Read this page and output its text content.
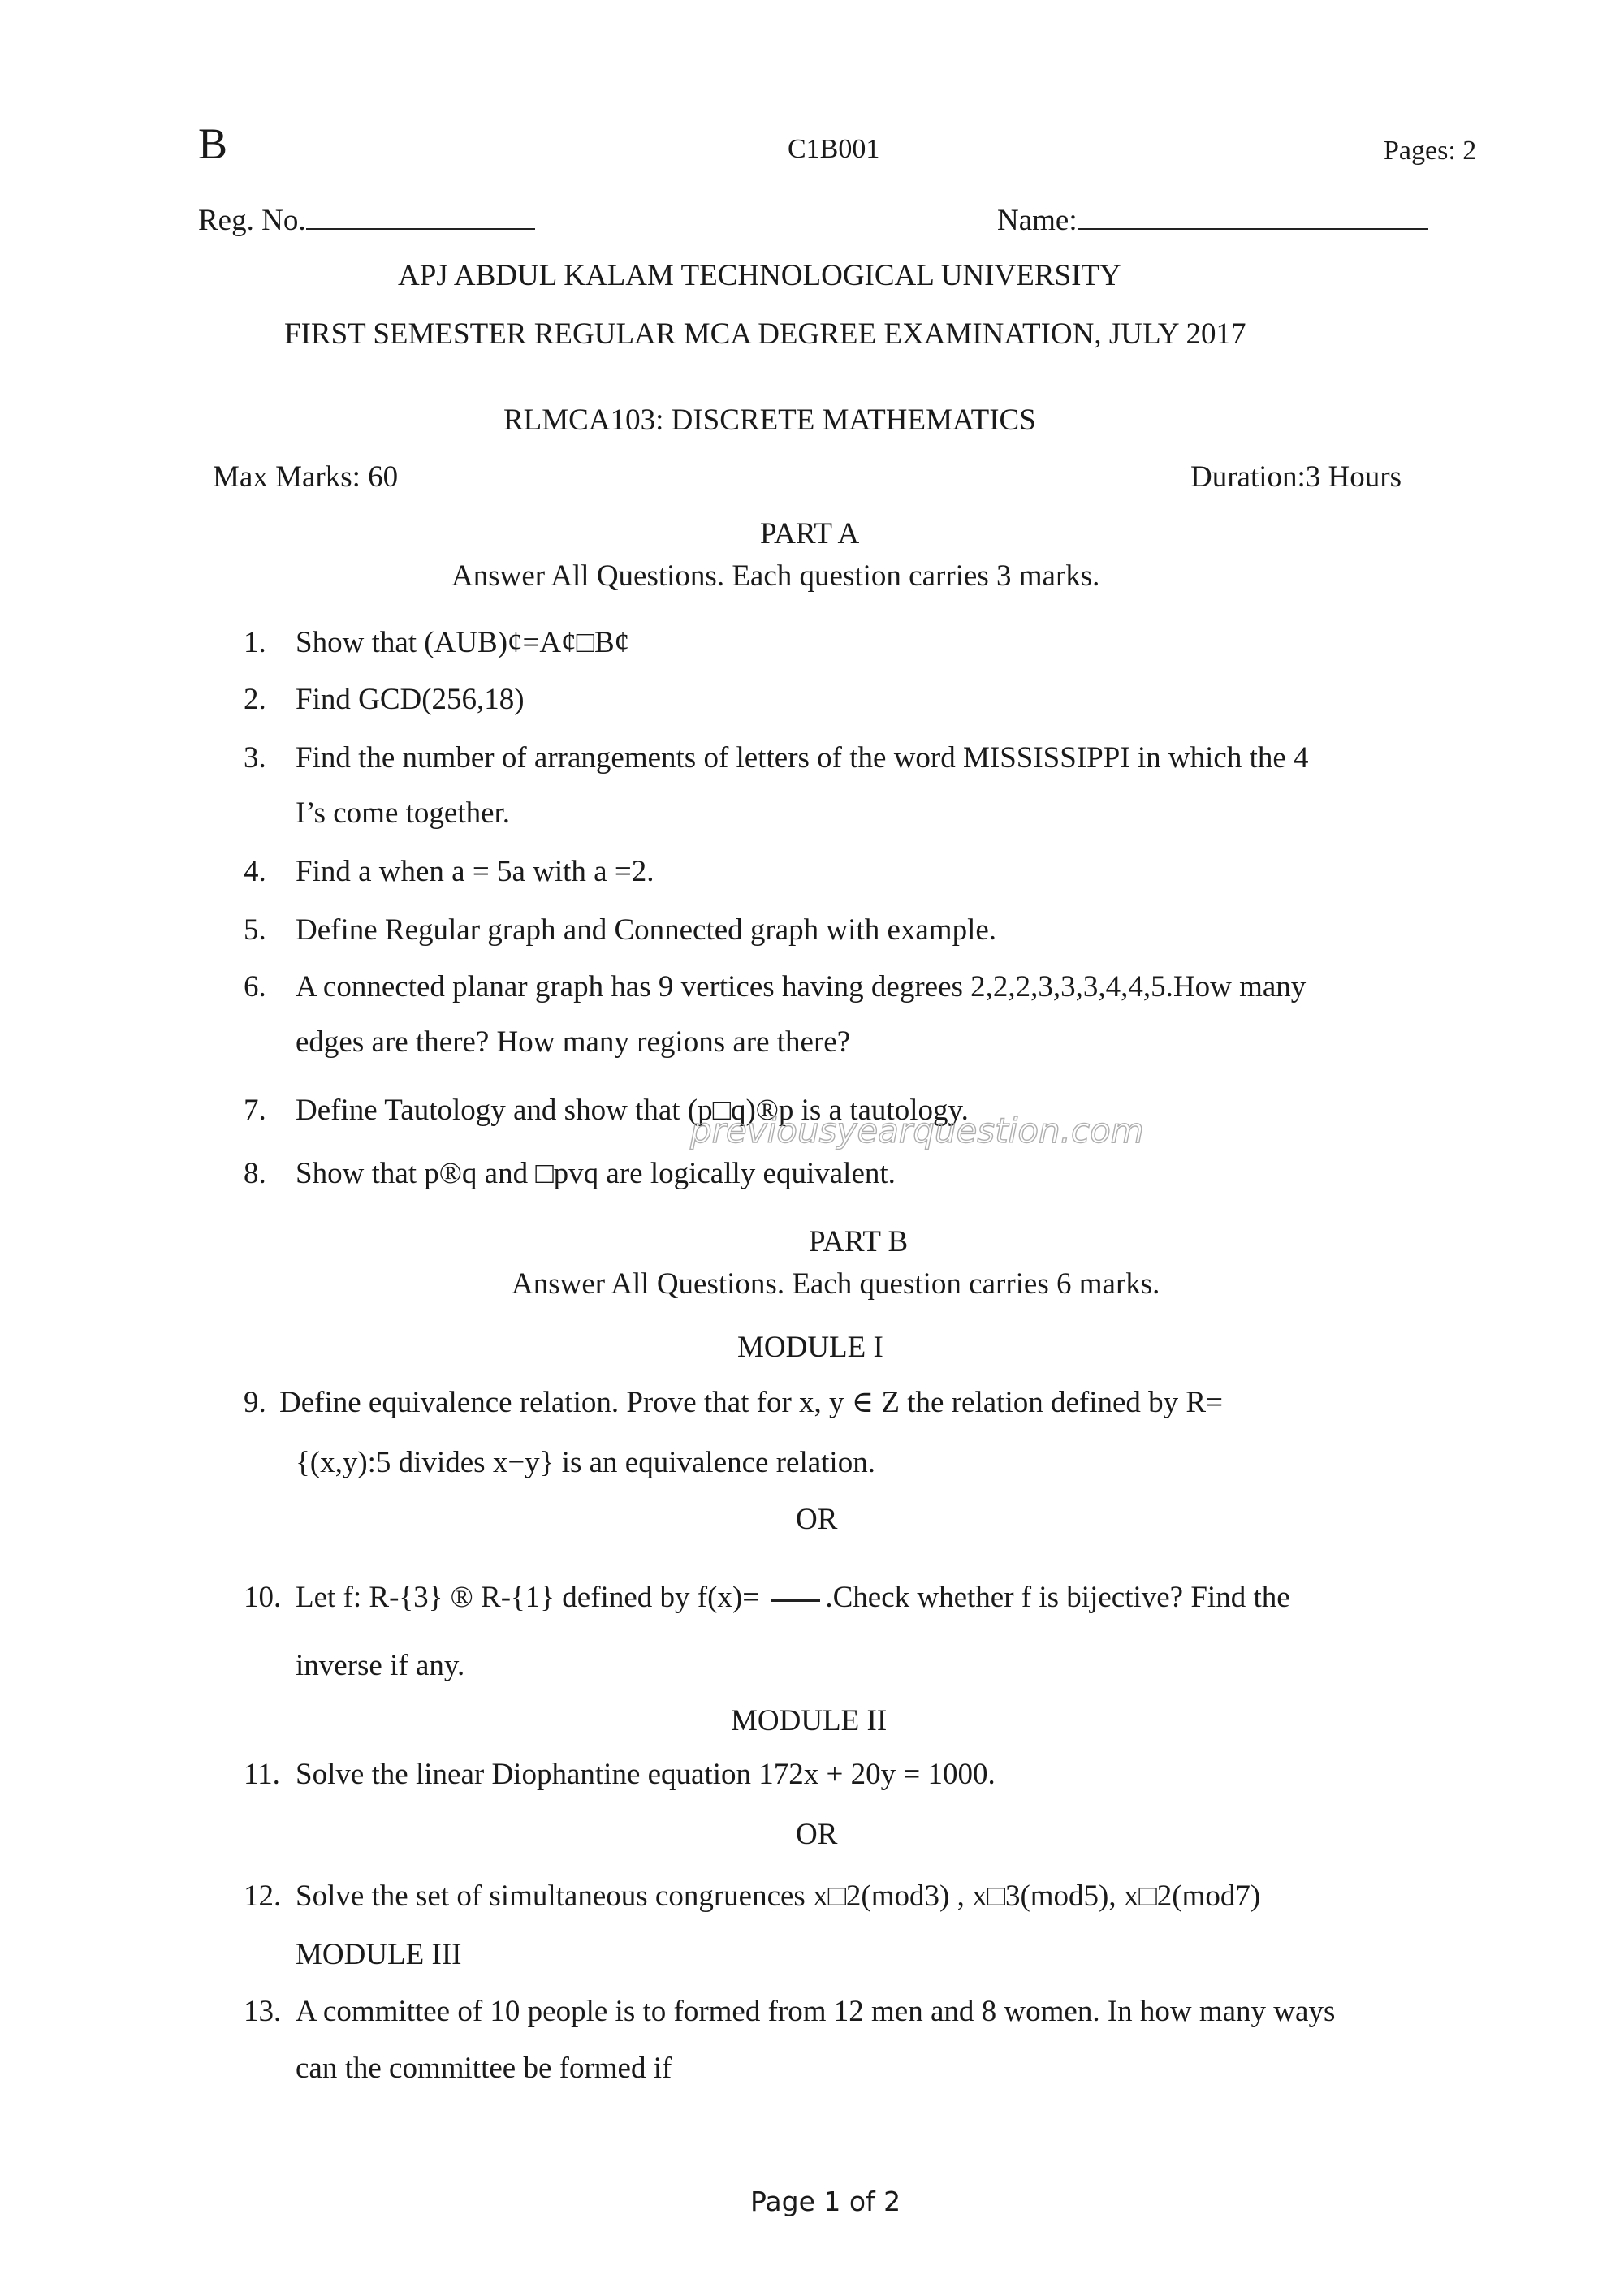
B	C1B001	Pages: 2
Reg. No.	Name:
APJ ABDUL KALAM TECHNOLOGICAL UNIVERSITY
FIRST SEMESTER REGULAR MCA DEGREE EXAMINATION, JULY 2017
RLMCA103: DISCRETE MATHEMATICS
Max Marks: 60	Duration:3 Hours
PART A
Answer All Questions. Each question carries 3 marks.
1. Show that (AUB)¢=A¢□B¢
2. Find GCD(256,18)
3. Find the number of arrangements of letters of the word MISSISSIPPI in which the 4
I’s come together.
4. Find a when a = 5a with a =2.
5. Define Regular graph and Connected graph with example.
6. A connected planar graph has 9 vertices having degrees 2,2,2,3,3,3,4,4,5.How many
edges are there? How many regions are there?
7. Define Tautology and show that (p□q)®p is a tautology.
8. Show that p®q and □pvq are logically equivalent.
previousyearquestion.com
PART B
Answer All Questions. Each question carries 6 marks.
MODULE I
9. Define equivalence relation. Prove that for x, y ∈ Z the relation defined by R=
{(x,y):5 divides x−y} is an equivalence relation.
OR
10. Let f: R-{3} ® R-{1} defined by f(x)= .Check whether f is bijective? Find the
inverse if any.
MODULE II
11. Solve the linear Diophantine equation 172x + 20y = 1000.
OR
12. Solve the set of simultaneous congruences x□2(mod3) , x□3(mod5), x□2(mod7)
MODULE III
13. A committee of 10 people is to formed from 12 men and 8 women. In how many ways
can the committee be formed if
Page 1 of 2
